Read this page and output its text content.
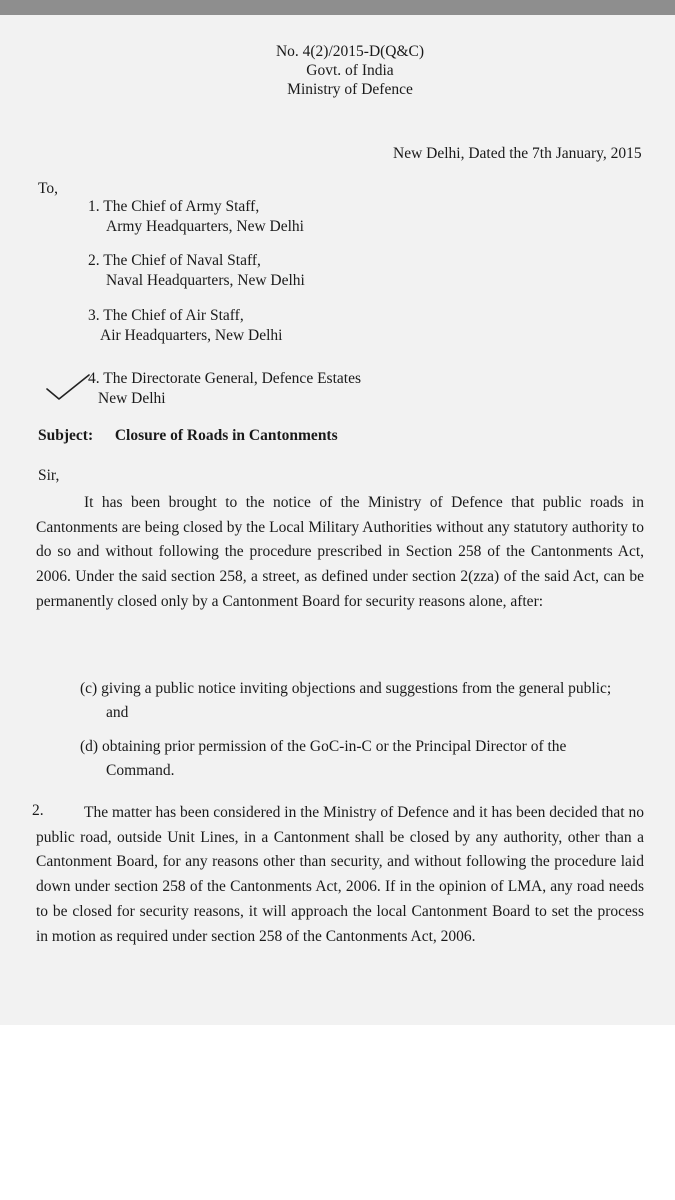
No. 4(2)/2015-D(Q&C)
Govt. of India
Ministry of Defence
New Delhi, Dated the 7th January, 2015
To,
1. The Chief of Army Staff,
Army Headquarters, New Delhi
2. The Chief of Naval Staff,
Naval Headquarters, New Delhi
3. The Chief of Air Staff,
Air Headquarters, New Delhi
4. The Directorate General, Defence Estates
New Delhi
Subject: Closure of Roads in Cantonments
Sir,
It has been brought to the notice of the Ministry of Defence that public roads in Cantonments are being closed by the Local Military Authorities without any statutory authority to do so and without following the procedure prescribed in Section 258 of the Cantonments Act, 2006. Under the said section 258, a street, as defined under section 2(zza) of the said Act, can be permanently closed only by a Cantonment Board for security reasons alone, after:
(c) giving a public notice inviting objections and suggestions from the general public;
and
(d) obtaining prior permission of the GoC-in-C or the Principal Director of the
Command.
2.	The matter has been considered in the Ministry of Defence and it has been decided that no public road, outside Unit Lines, in a Cantonment shall be closed by any authority, other than a Cantonment Board, for any reasons other than security, and without following the procedure laid down under section 258 of the Cantonments Act, 2006. If in the opinion of LMA, any road needs to be closed for security reasons, it will approach the local Cantonment Board to set the process in motion as required under section 258 of the Cantonments Act, 2006.
